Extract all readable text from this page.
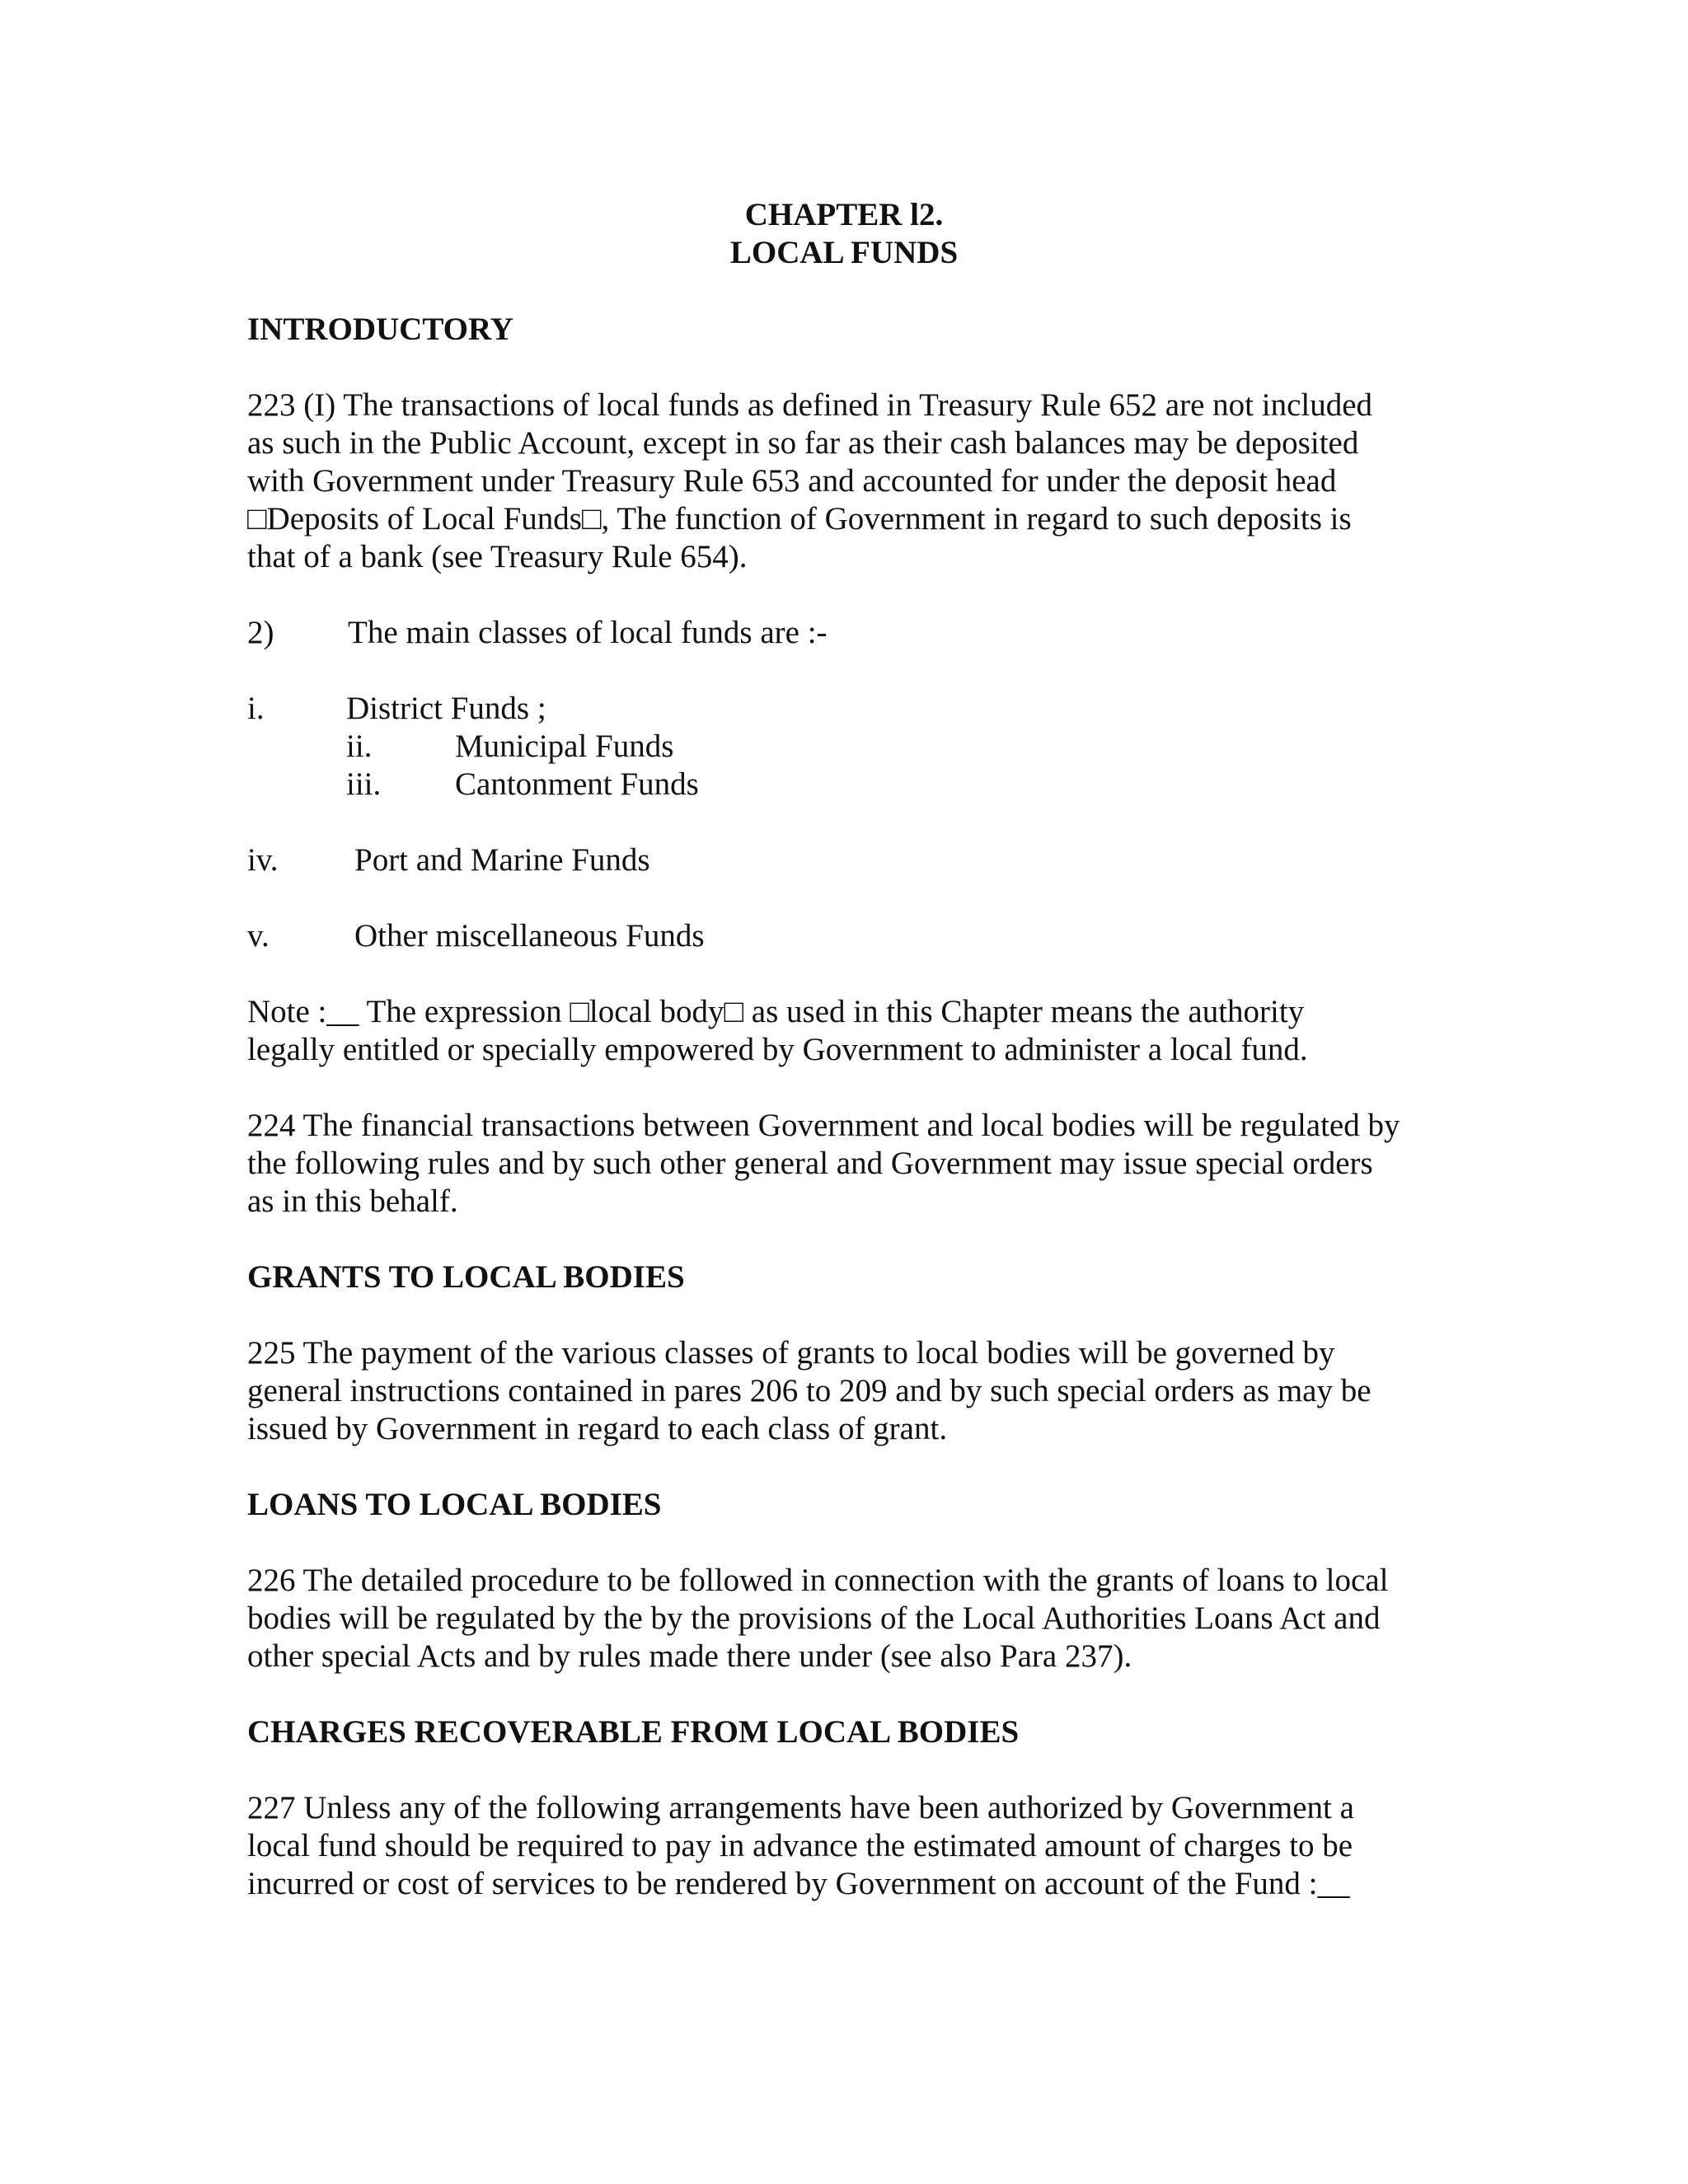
CHAPTER l2.
LOCAL FUNDS
INTRODUCTORY
223 (I) The transactions of local funds as defined in Treasury Rule 652 are not included
as such in the Public Account, except in so far as their cash balances may be deposited
with Government under Treasury Rule 653 and accounted for under the deposit head
□Deposits of Local Funds□, The function of Government in regard to such deposits is
that of a bank (see Treasury Rule 654).
2) The main classes of local funds are :-
i.	District Funds ;
ii.	Municipal Funds
iii. Cantonment Funds
iv. Port and Marine Funds
v.	Other miscellaneous Funds
Note :__ The expression □local body□ as used in this Chapter means the authority
legally entitled or specially empowered by Government to administer a local fund.
224 The financial transactions between Government and local bodies will be regulated by
the following rules and by such other general and Government may issue special orders
as in this behalf.
GRANTS TO LOCAL BODIES
225 The payment of the various classes of grants to local bodies will be governed by
general instructions contained in pares 206 to 209 and by such special orders as may be
issued by Government in regard to each class of grant.
LOANS TO LOCAL BODIES
226 The detailed procedure to be followed in connection with the grants of loans to local
bodies will be regulated by the by the provisions of the Local Authorities Loans Act and
other special Acts and by rules made there under (see also Para 237).
CHARGES RECOVERABLE FROM LOCAL BODIES
227 Unless any of the following arrangements have been authorized by Government a
local fund should be required to pay in advance the estimated amount of charges to be
incurred or cost of services to be rendered by Government on account of the Fund :__
